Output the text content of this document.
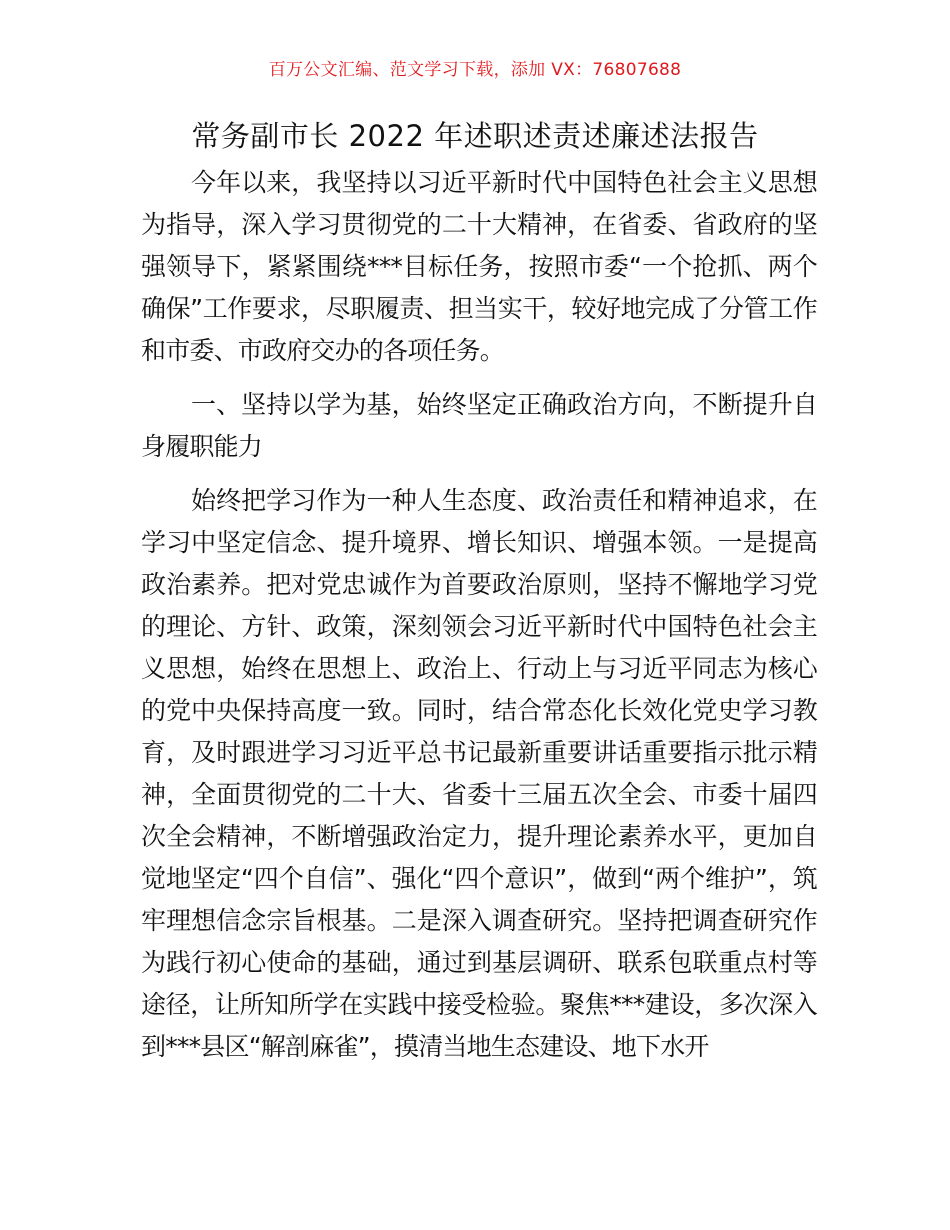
百万公文汇编、范文学习下载，添加 VX：76807688
常务副市长 2022 年述职述责述廉述法报告

今年以来，我坚持以习近平新时代中国特色社会主义思想为指导，深入学习贯彻党的二十大精神，在省委、省政府的坚强领导下，紧紧围绕***目标任务，按照市委“一个抢抓、两个确保”工作要求，尽职履责、担当实干，较好地完成了分管工作和市委、市政府交办的各项任务。

一、坚持以学为基，始终坚定正确政治方向，不断提升自身履职能力

始终把学习作为一种人生态度、政治责任和精神追求，在学习中坚定信念、提升境界、增长知识、增强本领。一是提高政治素养。把对党忠诚作为首要政治原则，坚持不懈地学习党的理论、方针、政策，深刻领会习近平新时代中国特色社会主义思想，始终在思想上、政治上、行动上与习近平同志为核心的党中央保持高度一致。同时，结合常态化长效化党史学习教育，及时跟进学习习近平总书记最新重要讲话重要指示批示精神，全面贯彻党的二十大、省委十三届五次全会、市委十届四次全会精神，不断增强政治定力，提升理论素养水平，更加自觉地坚定“四个自信”、强化“四个意识”，做到“两个维护”，筑牢理想信念宗旨根基。二是深入调查研究。坚持把调查研究作为践行初心使命的基础，通过到基层调研、联系包联重点村等途径，让所知所学在实践中接受检验。聚焦***建设，多次深入到***县区“解剖麻雀”，摸清当地生态建设、地下水开
